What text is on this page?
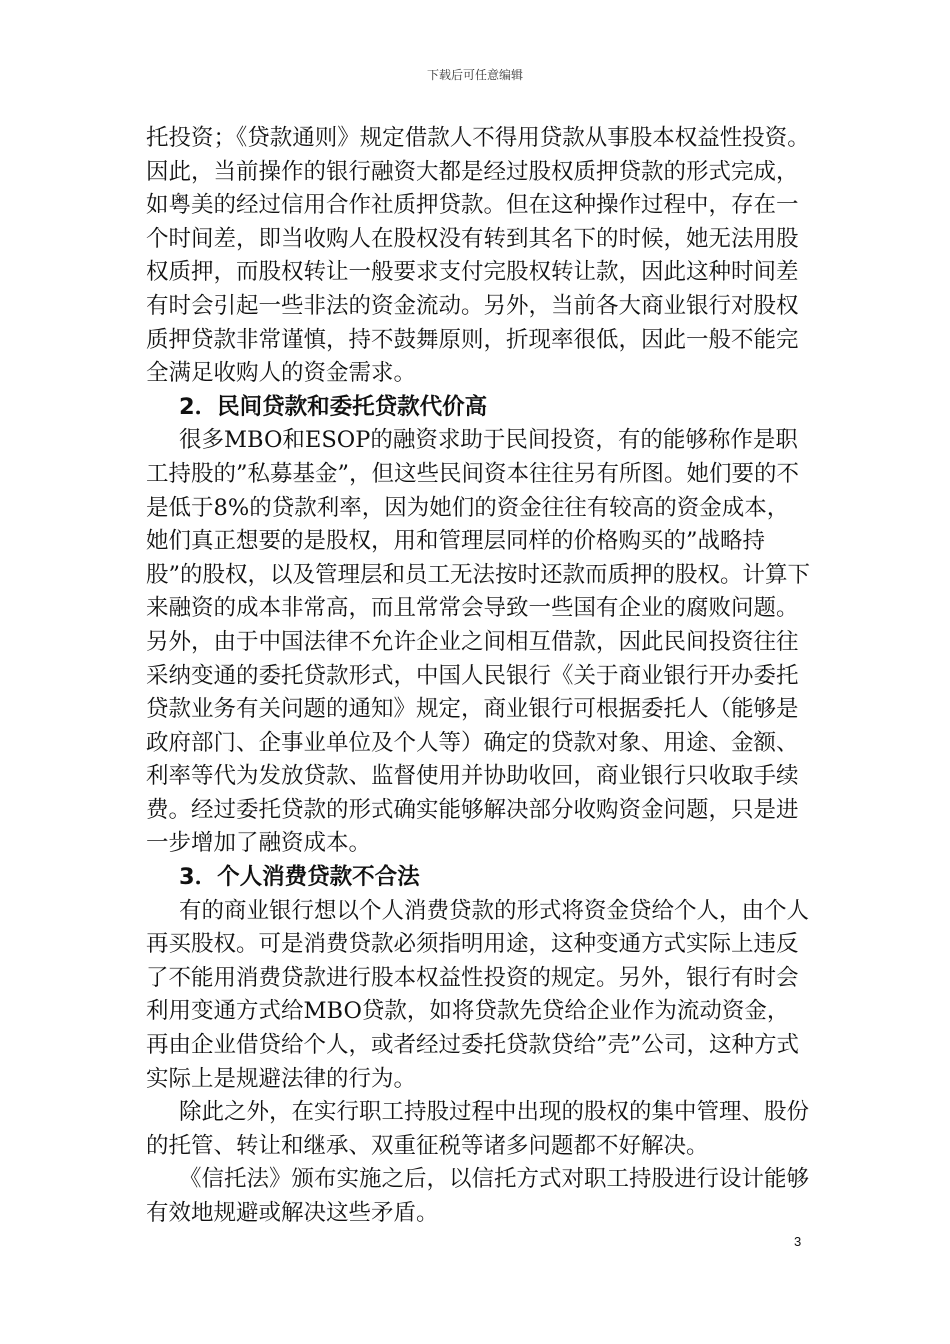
下载后可任意编辑

托投资；《贷款通则》规定借款人不得用贷款从事股本权益性投资。因此，当前操作的银行融资大都是经过股权质押贷款的形式完成，如粤美的经过信用合作社质押贷款。但在这种操作过程中，存在一个时间差，即当收购人在股权没有转到其名下的时候，她无法用股权质押，而股权转让一般要求支付完股权转让款，因此这种时间差有时会引起一些非法的资金流动。另外，当前各大商业银行对股权质押贷款非常谨慎，持不鼓舞原则，折现率很低，因此一般不能完全满足收购人的资金需求。

2．民间贷款和委托贷款代价高

很多MBO和ESOP的融资求助于民间投资，有的能够称作是职工持股的”私募基金”，但这些民间资本往往另有所图。她们要的不是低于8%的贷款利率，因为她们的资金往往有较高的资金成本，她们真正想要的是股权，用和管理层同样的价格购买的”战略持股”的股权，以及管理层和员工无法按时还款而质押的股权。计算下来融资的成本非常高，而且常常会导致一些国有企业的腐败问题。另外，由于中国法律不允许企业之间相互借款，因此民间投资往往采纳变通的委托贷款形式，中国人民银行《关于商业银行开办委托贷款业务有关问题的通知》规定，商业银行可根据委托人（能够是政府部门、企事业单位及个人等）确定的贷款对象、用途、金额、利率等代为发放贷款、监督使用并协助收回，商业银行只收取手续费。经过委托贷款的形式确实能够解决部分收购资金问题，只是进一步增加了融资成本。

3．个人消费贷款不合法

有的商业银行想以个人消费贷款的形式将资金贷给个人，由个人再买股权。可是消费贷款必须指明用途，这种变通方式实际上违反了不能用消费贷款进行股本权益性投资的规定。另外，银行有时会利用变通方式给MBO贷款，如将贷款先贷给企业作为流动资金，再由企业借贷给个人，或者经过委托贷款贷给”壳”公司，这种方式实际上是规避法律的行为。

除此之外，在实行职工持股过程中出现的股权的集中管理、股份的托管、转让和继承、双重征税等诸多问题都不好解决。

《信托法》颁布实施之后，以信托方式对职工持股进行设计能够有效地规避或解决这些矛盾。

3
